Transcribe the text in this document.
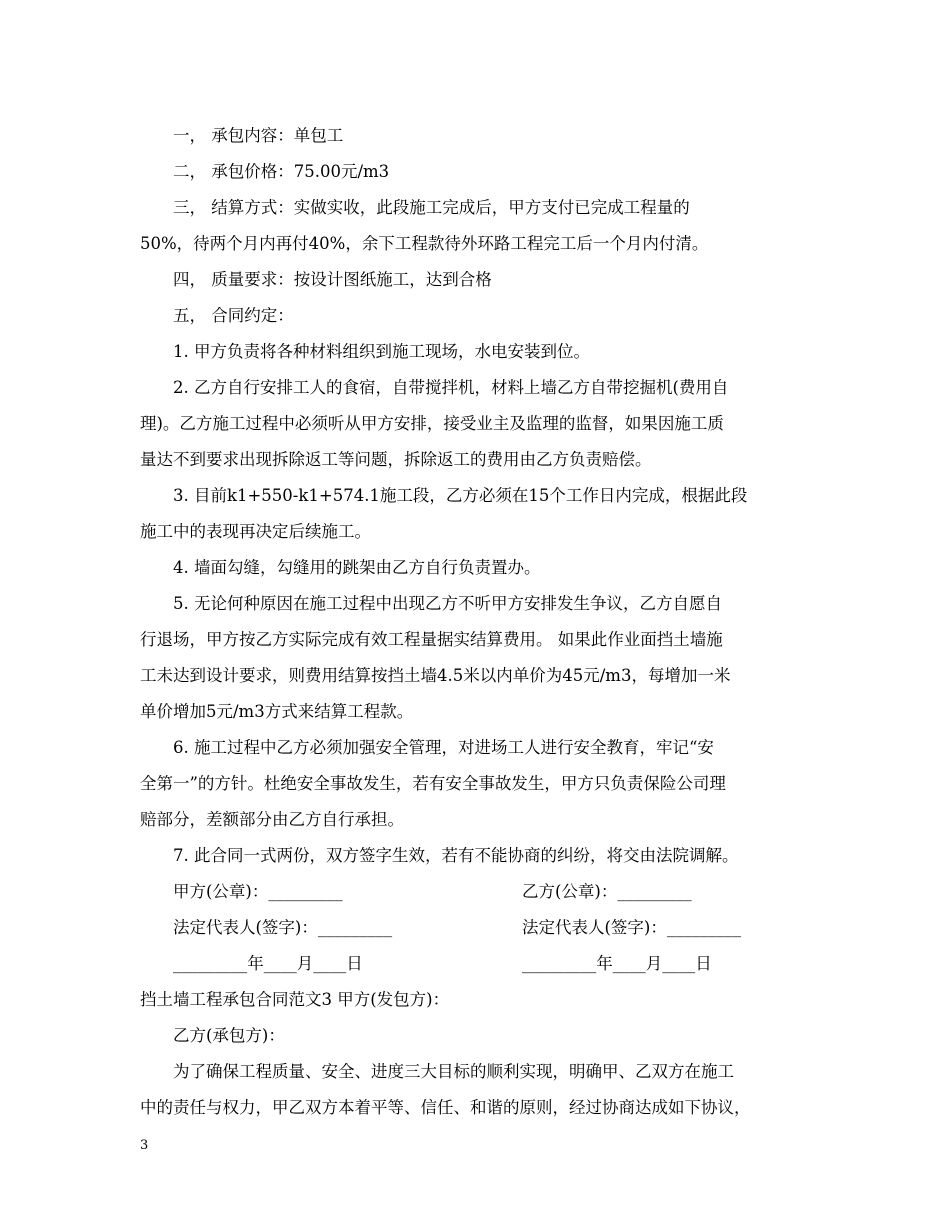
一， 承包内容：单包工
二， 承包价格：75.00元/m3
三， 结算方式：实做实收，此段施工完成后，甲方支付已完成工程量的
50%，待两个月内再付40%，余下工程款待外环路工程完工后一个月内付清。
四， 质量要求：按设计图纸施工，达到合格
五， 合同约定：
1. 甲方负责将各种材料组织到施工现场，水电安装到位。
2. 乙方自行安排工人的食宿，自带搅拌机，材料上墙乙方自带挖掘机(费用自
理)。乙方施工过程中必须听从甲方安排，接受业主及监理的监督，如果因施工质
量达不到要求出现拆除返工等问题，拆除返工的费用由乙方负责赔偿。
3. 目前k1+550-k1+574.1施工段，乙方必须在15个工作日内完成，根据此段
施工中的表现再决定后续施工。
4. 墙面勾缝，勾缝用的跳架由乙方自行负责置办。
5. 无论何种原因在施工过程中出现乙方不听甲方安排发生争议，乙方自愿自
行退场，甲方按乙方实际完成有效工程量据实结算费用。 如果此作业面挡土墙施
工未达到设计要求，则费用结算按挡土墙4.5米以内单价为45元/m3，每增加一米
单价增加5元/m3方式来结算工程款。
6. 施工过程中乙方必须加强安全管理，对进场工人进行安全教育，牢记“安
全第一”的方针。杜绝安全事故发生，若有安全事故发生，甲方只负责保险公司理
赔部分，差额部分由乙方自行承担。
7. 此合同一式两份，双方签字生效，若有不能协商的纠纷，将交由法院调解。
甲方(公章)：_________	乙方(公章)：_________
法定代表人(签字)：_________	法定代表人(签字)：_________
_________年____月____日	_________年____月____日
挡土墙工程承包合同范文3 甲方(发包方)：
乙方(承包方)：
为了确保工程质量、安全、进度三大目标的顺利实现，明确甲、乙双方在施工
中的责任与权力，甲乙双方本着平等、信任、和谐的原则，经过协商达成如下协议，
3
